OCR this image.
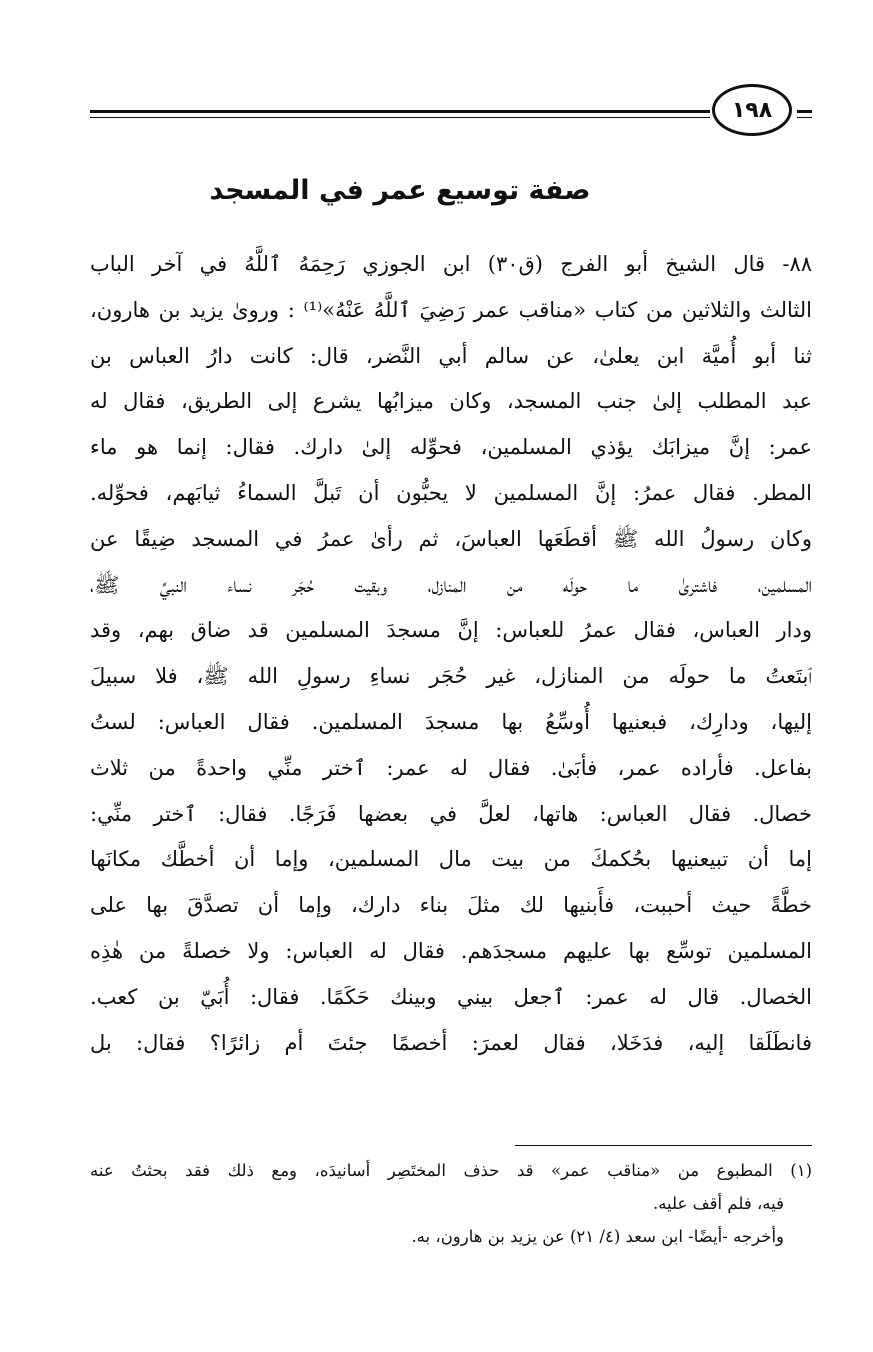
١٩٨
صفة توسيع عمر في المسجد
٨٨- قال الشيخ أبو الفرج (ق٣٠) ابن الجوزي رَحِمَهُ ٱللَّهُ في آخر الباب
الثالث والثلاثين من كتاب «مناقب عمر رَضِيَ ٱللَّهُ عَنْهُ»⁽¹⁾ : وروىٰ يزيد بن هارون،
ثنا أبو أُميَّة ابن يعلىٰ، عن سالم أبي النَّضر، قال: كانت دارُ العباس بن
عبد المطلب إلىٰ جنب المسجد، وكان ميزابُها يشرع إلى الطريق، فقال له
عمر: إنَّ ميزابَك يؤذي المسلمين، فحوِّله إلىٰ دارك. فقال: إنما هو ماء
المطر. فقال عمرُ: إنَّ المسلمين لا يحبُّون أن تَبلَّ السماءُ ثيابَهم، فحوِّله.
وكان رسولُ الله ﷺ أقطَعَها العباسَ، ثم رأىٰ عمرُ في المسجد ضِيقًا عن
المسلمين، فاشترىٰ ما حولَه من المنازل، وبقيت حُجَر نساء النبيِّ ﷺ،
ودار العباس، فقال عمرُ للعباس: إنَّ مسجدَ المسلمين قد ضاق بهم، وقد
ٱبتَعتُ ما حولَه من المنازل، غير حُجَر نساءِ رسولِ الله ﷺ، فلا سبيلَ
إليها، ودارِك، فبعنيها أُوسِّعُ بها مسجدَ المسلمين. فقال العباس: لستُ
بفاعل. فأراده عمر، فأبَىٰ. فقال له عمر: ٱختر منِّي واحدةً من ثلاث
خصال. فقال العباس: هاتها، لعلَّ في بعضها فَرَجًا. فقال: ٱختر منِّي:
إما أن تبيعنيها بحُكمكَ من بيت مال المسلمين، وإما أن أخطَّك مكانَها
خطَّةً حيث أحببت، فأَبنيها لك مثلَ بناء دارك، وإما أن تصدَّقَ بها على
المسلمين توسِّع بها عليهم مسجدَهم. فقال له العباس: ولا خصلةً من هٰذِه
الخصال. قال له عمر: ٱجعل بيني وبينك حَكَمًا. فقال: أُبَيّ بن كعب.
فانطَلَقا إليه، فدَخَلا، فقال لعمرَ: أخصمًا جئتَ أم زائرًا؟ فقال: بل
(١) المطبوع من «مناقب عمر» قد حذف المختَصِر أسانيدَه، ومع ذلك فقد بحثتُ عنه
فيه، فلم أقف عليه.
وأخرجه -أيضًا- ابن سعد (٤/ ٢١) عن يزيد بن هارون، به.
